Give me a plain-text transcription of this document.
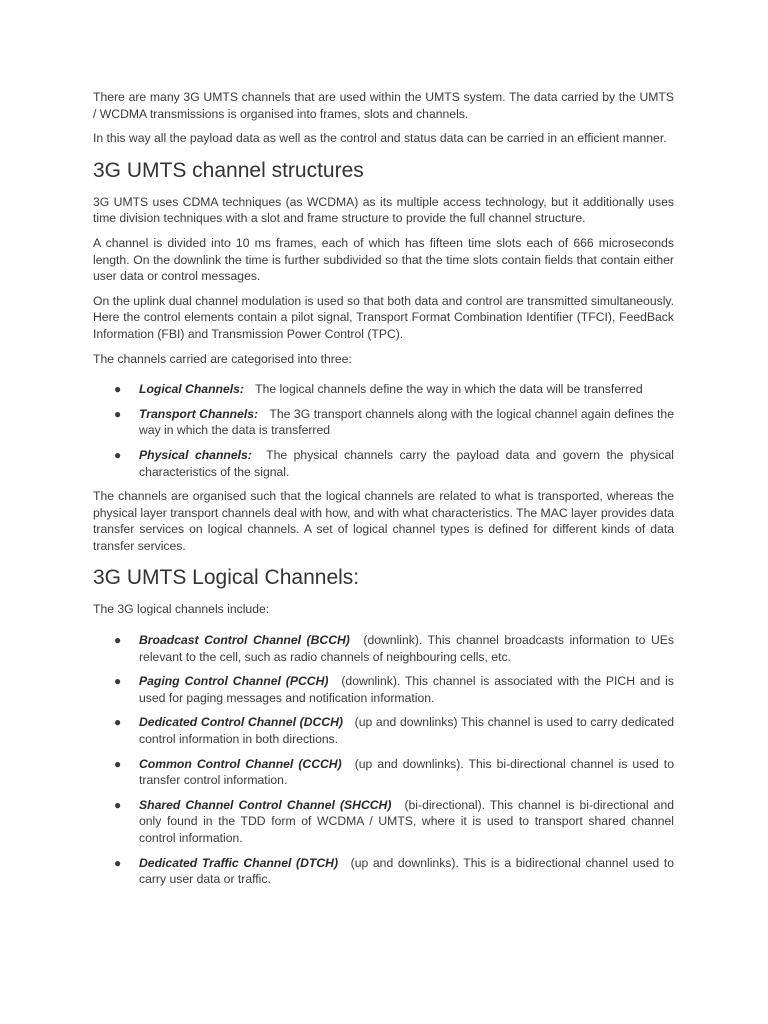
There are many 3G UMTS channels that are used within the UMTS system. The data carried by the UMTS / WCDMA transmissions is organised into frames, slots and channels.

In this way all the payload data as well as the control and status data can be carried in an efficient manner.

3G UMTS channel structures

3G UMTS uses CDMA techniques (as WCDMA) as its multiple access technology, but it additionally uses time division techniques with a slot and frame structure to provide the full channel structure.

A channel is divided into 10 ms frames, each of which has fifteen time slots each of 666 microseconds length. On the downlink the time is further subdivided so that the time slots contain fields that contain either user data or control messages.

On the uplink dual channel modulation is used so that both data and control are transmitted simultaneously. Here the control elements contain a pilot signal, Transport Format Combination Identifier (TFCI), FeedBack Information (FBI) and Transmission Power Control (TPC).

The channels carried are categorised into three:

● Logical Channels: The logical channels define the way in which the data will be transferred
● Transport Channels: The 3G transport channels along with the logical channel again defines the way in which the data is transferred
● Physical channels: The physical channels carry the payload data and govern the physical characteristics of the signal.

The channels are organised such that the logical channels are related to what is transported, whereas the physical layer transport channels deal with how, and with what characteristics. The MAC layer provides data transfer services on logical channels. A set of logical channel types is defined for different kinds of data transfer services.

3G UMTS Logical Channels:

The 3G logical channels include:

● Broadcast Control Channel (BCCH) (downlink). This channel broadcasts information to UEs relevant to the cell, such as radio channels of neighbouring cells, etc.
● Paging Control Channel (PCCH) (downlink). This channel is associated with the PICH and is used for paging messages and notification information.
● Dedicated Control Channel (DCCH) (up and downlinks) This channel is used to carry dedicated control information in both directions.
● Common Control Channel (CCCH) (up and downlinks). This bi-directional channel is used to transfer control information.
● Shared Channel Control Channel (SHCCH) (bi-directional). This channel is bi-directional and only found in the TDD form of WCDMA / UMTS, where it is used to transport shared channel control information.
● Dedicated Traffic Channel (DTCH) (up and downlinks). This is a bidirectional channel used to carry user data or traffic.
